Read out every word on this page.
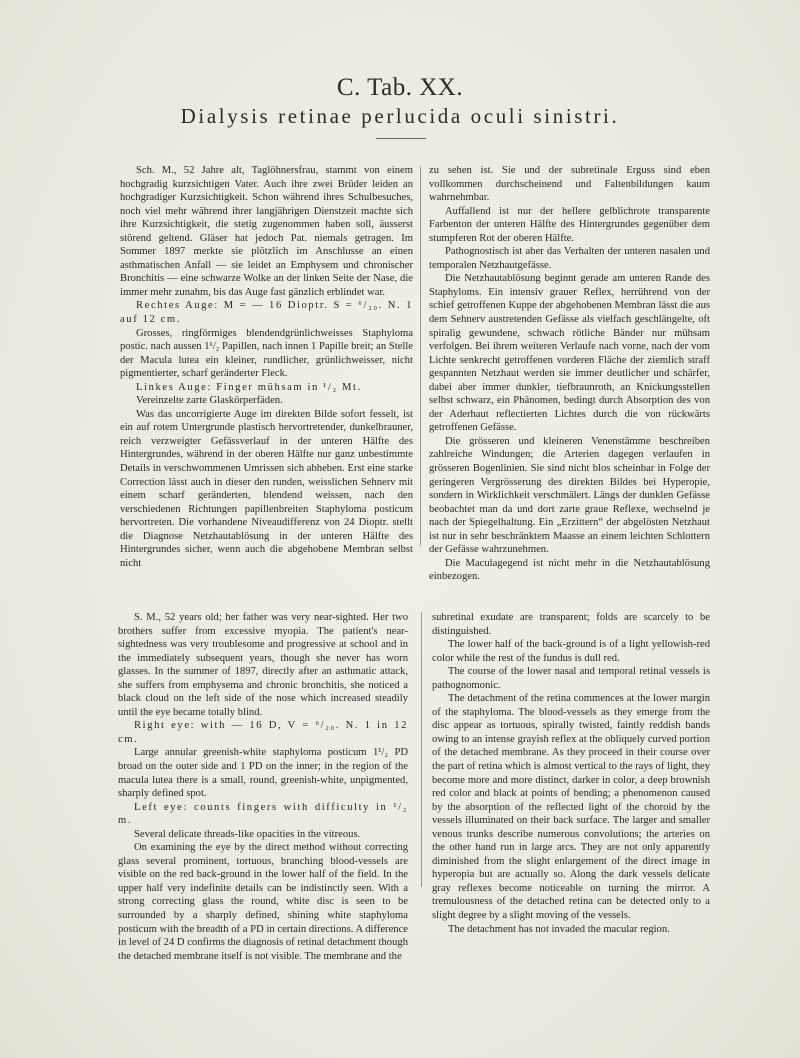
C. Tab. XX.
Dialysis retinae perlucida oculi sinistri.

Sch. M., 52 Jahre alt, Taglöhnersfrau, stammt von einem hochgradig kurzsichtigen Vater. Auch ihre zwei Brüder leiden an hochgradiger Kurzsichtigkeit. Schon während ihres Schulbesuches, noch viel mehr während ihrer langjährigen Dienstzeit machte sich ihre Kurzsichtigkeit, die stetig zugenommen haben soll, äusserst störend geltend. Gläser hat jedoch Pat. niemals getragen. Im Sommer 1897 merkte sie plötzlich im Anschlusse an einen asthmatischen Anfall — sie leidet an Emphysem und chronischer Bronchitis — eine schwarze Wolke an der linken Seite der Nase, die immer mehr zunahm, bis das Auge fast gänzlich erblindet war.

Rechtes Auge: M = — 16 Dioptr. S = ⁶/₂₀. N. 1 auf 12 cm.

Grosses, ringförmiges blendendgrünlichweisses Staphyloma postic. nach aussen 1¹/₂ Papillen, nach innen 1 Papille breit; an Stelle der Macula lutea ein kleiner, rundlicher, grünlichweisser, nicht pigmentierter, scharf geränderter Fleck.

Linkes Auge: Finger mühsam in ¹/₂ Mt.

Vereinzelte zarte Glaskörperfäden.

Was das uncorrigierte Auge im direkten Bilde sofort fesselt, ist ein auf rotem Untergrunde plastisch hervortretender, dunkelbrauner, reich verzweigter Gefässverlauf in der unteren Hälfte des Hintergrundes, während in der oberen Hälfte nur ganz unbestimmte Details in verschwommenen Umrissen sich abheben. Erst eine starke Correction lässt auch in dieser den runden, weisslichen Sehnerv mit einem scharf geränderten, blendend weissen, nach den verschiedenen Richtungen papillenbreiten Staphyloma posticum hervortreten. Die vorhandene Niveaudifferenz von 24 Dioptr. stellt die Diagnose Netzhautablösung in der unteren Hälfte des Hintergrundes sicher, wenn auch die abgehobene Membran selbst nicht

zu sehen ist. Sie und der subretinale Erguss sind eben vollkommen durchscheinend und Faltenbildungen kaum wahrnehmbar.

Auffallend ist nur der hellere gelblichrote transparente Farbenton der unteren Hälfte des Hintergrundes gegenüber dem stumpferen Rot der oberen Hälfte.

Pathognostisch ist aber das Verhalten der unteren nasalen und temporalen Netzhautgefässe.

Die Netzhautablösung beginnt gerade am unteren Rande des Staphyloms. Ein intensiv grauer Reflex, herrührend von der schief getroffenen Kuppe der abgehobenen Membran lässt die aus dem Sehnerv austretenden Gefässe als vielfach geschlängelte, oft spiralig gewundene, schwach rötliche Bänder nur mühsam verfolgen. Bei ihrem weiteren Verlaufe nach vorne, nach der vom Lichte senkrecht getroffenen vorderen Fläche der ziemlich straff gespannten Netzhaut werden sie immer deutlicher und schärfer, dabei aber immer dunkler, tiefbraunroth, an Knickungsstellen selbst schwarz, ein Phänomen, bedingt durch Absorption des von der Aderhaut reflectierten Lichtes durch die von rückwärts getroffenen Gefässe.

Die grösseren und kleineren Venenstämme beschreiben zahlreiche Windungen; die Arterien dagegen verlaufen in grösseren Bogenlinien. Sie sind nicht blos scheinbar in Folge der geringeren Vergrösserung des direkten Bildes bei Hyperopie, sondern in Wirklichkeit verschmälert. Längs der dunklen Gefässe beobachtet man da und dort zarte graue Reflexe, wechselnd je nach der Spiegelhaltung. Ein „Erzittern“ der abgelösten Netzhaut ist nur in sehr beschränktem Maasse an einem leichten Schlottern der Gefässe wahrzunehmen.

Die Maculagegend ist nicht mehr in die Netzhautablösung einbezogen.

S. M., 52 years old; her father was very near-sighted. Her two brothers suffer from excessive myopia. The patient's near-sightedness was very troublesome and progressive at school and in the immediately subsequent years, though she never has worn glasses. In the summer of 1897, directly after an asthmatic attack, she suffers from emphysema and chronic bronchitis, she noticed a black cloud on the left side of the nose which increased steadily until the eye became totally blind.

Right eye: with — 16 D, V = ⁶/₂₀. N. 1 in 12 cm.

Large annular greenish-white staphyloma posticum 1¹/₂ PD broad on the outer side and 1 PD on the inner; in the region of the macula lutea there is a small, round, greenish-white, unpigmented, sharply defined spot.

Left eye: counts fingers with difficulty in ¹/₂ m.

Several delicate threads-like opacities in the vitreous.

On examining the eye by the direct method without correcting glass several prominent, tortuous, branching blood-vessels are visible on the red back-ground in the lower half of the field. In the upper half very indefinite details can be indistinctly seen. With a strong correcting glass the round, white disc is seen to be surrounded by a sharply defined, shining white staphyloma posticum with the breadth of a PD in certain directions. A difference in level of 24 D confirms the diagnosis of retinal detachment though the detached membrane itself is not visible. The membrane and the

subretinal exudate are transparent; folds are scarcely to be distinguished.

The lower half of the back-ground is of a light yellowish-red color while the rest of the fundus is dull red.

The course of the lower nasal and temporal retinal vessels is pathognomonic.

The detachment of the retina commences at the lower margin of the staphyloma. The blood-vessels as they emerge from the disc appear as tortuous, spirally twisted, faintly reddish bands owing to an intense grayish reflex at the obliquely curved portion of the detached membrane. As they proceed in their course over the part of retina which is almost vertical to the rays of light, they become more and more distinct, darker in color, a deep brownish red color and black at points of bending; a phenomenon caused by the absorption of the reflected light of the choroid by the vessels illuminated on their back surface. The larger and smaller venous trunks describe numerous convolutions; the arteries on the other hand run in large arcs. They are not only apparently diminished from the slight enlargement of the direct image in hyperopia but are actually so. Along the dark vessels delicate gray reflexes become noticeable on turning the mirror. A tremulousness of the detached retina can be detected only to a slight degree by a slight moving of the vessels.

The detachment has not invaded the macular region.
